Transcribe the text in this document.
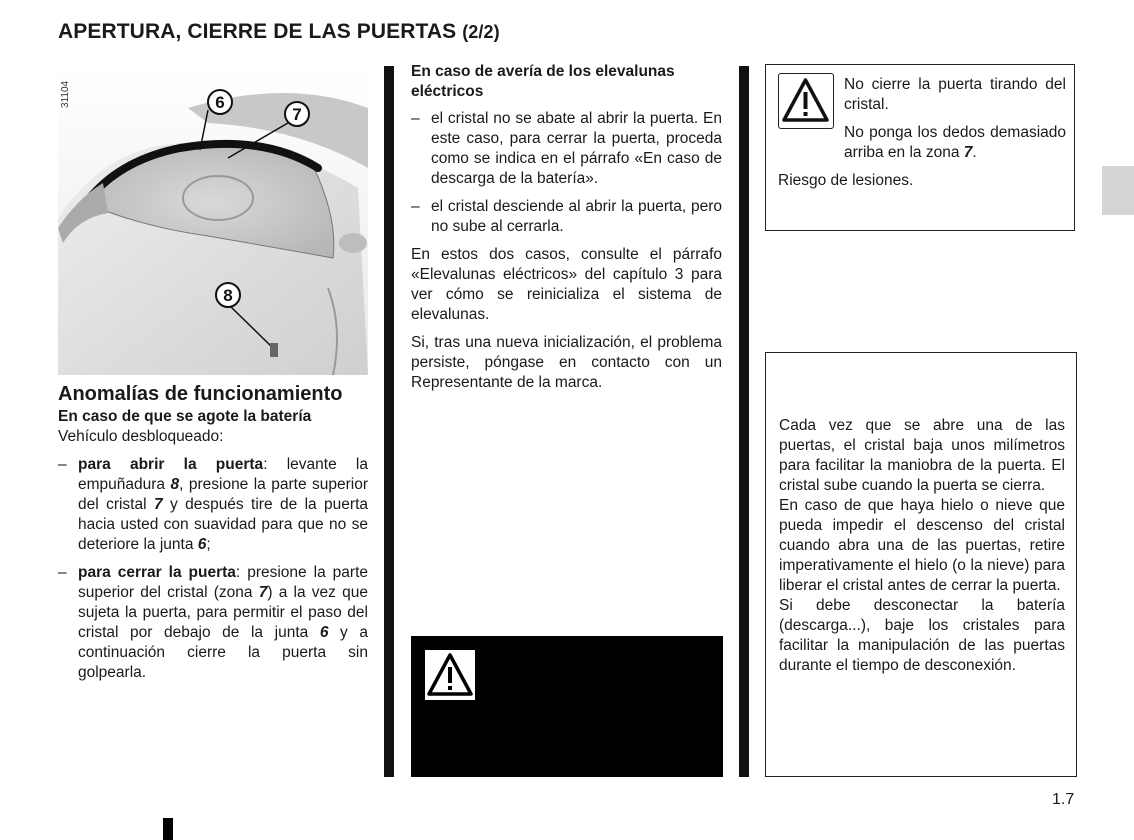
APERTURA, CIERRE DE LAS PUERTAS (2/2)
6
7
8
31104

Anomalías de funcionamiento

En caso de que se agote la batería

Vehículo desbloqueado:

– para abrir la puerta: levante la empuñadura 8, presione la parte superior del cristal 7 y después tire de la puerta hacia usted con suavidad para que no se deteriore la junta 6;
– para cerrar la puerta: presione la parte superior del cristal (zona 7) a la vez que sujeta la puerta, para permitir el paso del cristal por debajo de la junta 6 y a continuación cierre la puerta sin golpearla.

En caso de avería de los elevalunas eléctricos

– el cristal no se abate al abrir la puerta. En este caso, para cerrar la puerta, proceda como se indica en el párrafo «En caso de descarga de la batería».
– el cristal desciende al abrir la puerta, pero no sube al cerrarla.

En estos dos casos, consulte el párrafo «Elevalunas eléctricos» del capítulo 3 para ver cómo se reinicializa el sistema de elevalunas.

Si, tras una nueva inicialización, el problema persiste, póngase en contacto con un Representante de la marca.

No cierre la puerta tirando del cristal.

No ponga los dedos demasiado arriba en la zona 7.

Riesgo de lesiones.

Cada vez que se abre una de las puertas, el cristal baja unos milímetros para facilitar la maniobra de la puerta. El cristal sube cuando la puerta se cierra.

En caso de que haya hielo o nieve que pueda impedir el descenso del cristal cuando abra una de las puertas, retire imperativamente el hielo (o la nieve) para liberar el cristal antes de cerrar la puerta.

Si debe desconectar la batería (descarga...), baje los cristales para facilitar la manipulación de las puertas durante el tiempo de desconexión.

1.7
